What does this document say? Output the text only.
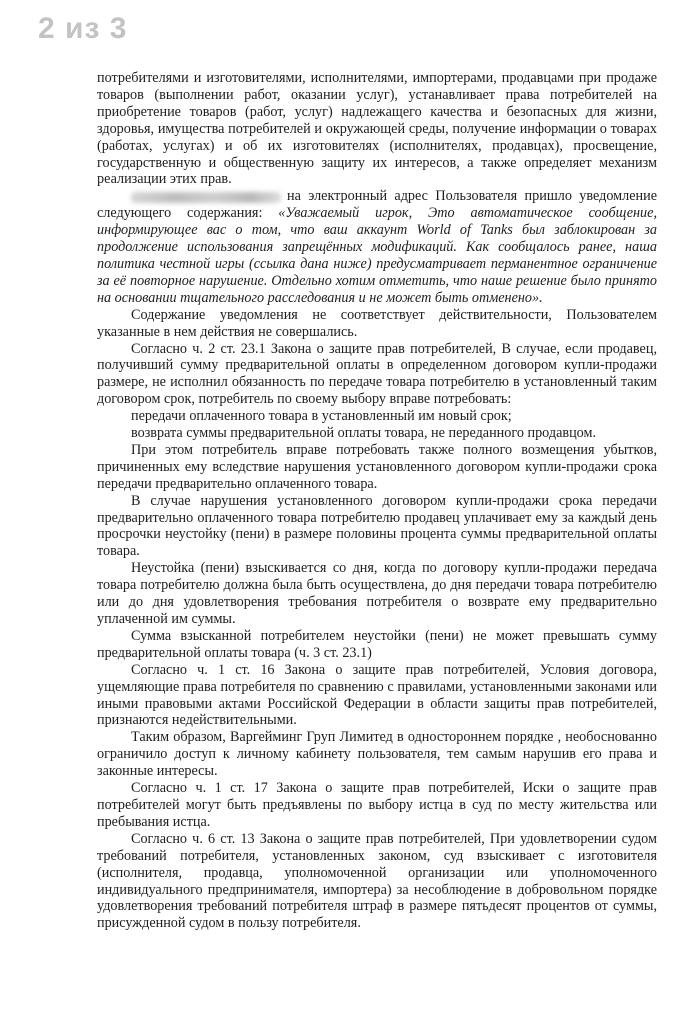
2 из 3

потребителями и изготовителями, исполнителями, импортерами, продавцами при продаже товаров (выполнении работ, оказании услуг), устанавливает права потребителей на приобретение товаров (работ, услуг) надлежащего качества и безопасных для жизни, здоровья, имущества потребителей и окружающей среды, получение информации о товарах (работах, услугах) и об их изготовителях (исполнителях, продавцах), просвещение, государственную и общественную защиту их интересов, а также определяет механизм реализации этих прав.

на электронный адрес Пользователя пришло уведомление следующего содержания: «Уважаемый игрок, Это автоматическое сообщение, информирующее вас о том, что ваш аккаунт World of Tanks был заблокирован за продолжение использования запрещённых модификаций. Как сообщалось ранее, наша политика честной игры (ссылка дана ниже) предусматривает перманентное ограничение за её повторное нарушение. Отдельно хотим отметить, что наше решение было принято на основании тщательного расследования и не может быть отменено».

Содержание уведомления не соответствует действительности, Пользователем указанные в нем действия не совершались.

Согласно ч. 2 ст. 23.1 Закона о защите прав потребителей, В случае, если продавец, получивший сумму предварительной оплаты в определенном договором купли-продажи размере, не исполнил обязанность по передаче товара потребителю в установленный таким договором срок, потребитель по своему выбору вправе потребовать:

передачи оплаченного товара в установленный им новый срок;

возврата суммы предварительной оплаты товара, не переданного продавцом.

При этом потребитель вправе потребовать также полного возмещения убытков, причиненных ему вследствие нарушения установленного договором купли-продажи срока передачи предварительно оплаченного товара.

В случае нарушения установленного договором купли-продажи срока передачи предварительно оплаченного товара потребителю продавец уплачивает ему за каждый день просрочки неустойку (пени) в размере половины процента суммы предварительной оплаты товара.

Неустойка (пени) взыскивается со дня, когда по договору купли-продажи передача товара потребителю должна была быть осуществлена, до дня передачи товара потребителю или до дня удовлетворения требования потребителя о возврате ему предварительно уплаченной им суммы.

Сумма взысканной потребителем неустойки (пени) не может превышать сумму предварительной оплаты товара (ч. 3 ст. 23.1)

Согласно ч. 1 ст. 16 Закона о защите прав потребителей, Условия договора, ущемляющие права потребителя по сравнению с правилами, установленными законами или иными правовыми актами Российской Федерации в области защиты прав потребителей, признаются недействительными.

Таким образом, Варгейминг Груп Лимитед в одностороннем порядке , необоснованно ограничило доступ к личному кабинету пользователя, тем самым нарушив его права и законные интересы.

Согласно ч. 1 ст. 17 Закона о защите прав потребителей, Иски о защите прав потребителей могут быть предъявлены по выбору истца в суд по месту жительства или пребывания истца.

Согласно ч. 6 ст. 13 Закона о защите прав потребителей, При удовлетворении судом требований потребителя, установленных законом, суд взыскивает с изготовителя (исполнителя, продавца, уполномоченной организации или уполномоченного индивидуального предпринимателя, импортера) за несоблюдение в добровольном порядке удовлетворения требований потребителя штраф в размере пятьдесят процентов от суммы, присужденной судом в пользу потребителя.
